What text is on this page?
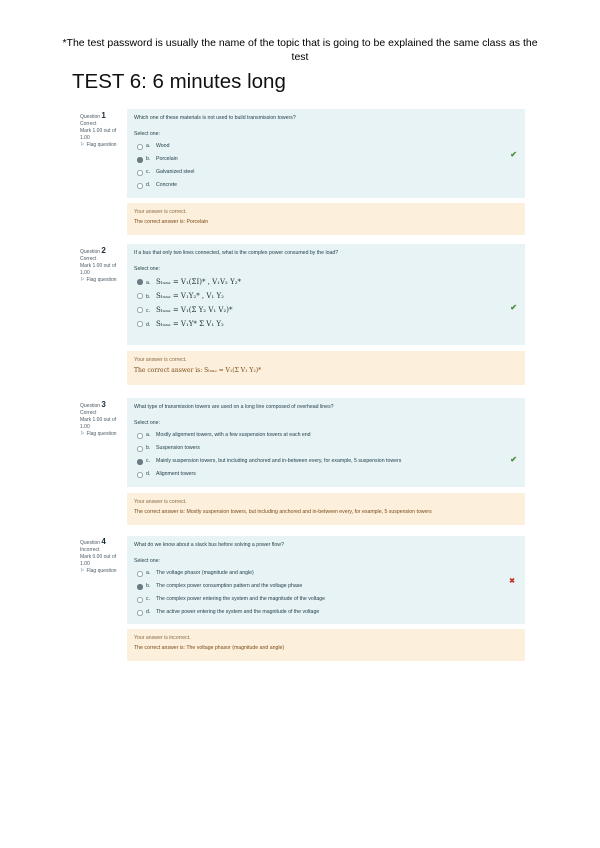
*The test password is usually the name of the topic that is going to be explained the same class as the
test
TEST 6: 6 minutes long
Question 1
Correct
Mark 1.00 out of 1.00
⚐ Flag question
Which one of these materials is not used to build transmission towers?
Select one:
a. Wood
b. Porcelain
c. Galvanized steel
d. Concrete
✔
Your answer is correct.
The correct answer is: Porcelain
Question 2
Correct
Mark 1.00 out of 1.00
⚐ Flag question
If a bus that only two lines connected, what is the complex power consumed by the load?
Select one:
a. Sₗₒₐₔ = V₁(ΣI)* , V₁V₂ Y₂*
b. Sₗₒₐₔ = V₁Y₂* , V₁ Y₂
c. Sₗₒₐₔ = V₁(Σ Y₂ V₁ V₂)*
d. Sₗₒₐₔ = V₁Y* Σ V₁ Y₂
✔
Your answer is correct.
The correct answer is: Sₗₒₐₔ = V₁(Σ V₁ Y₂)*
Question 3
Correct
Mark 1.00 out of 1.00
⚐ Flag question
What type of transmission towers are used on a long line composed of overhead lines?
Select one:
a. Mostly alignment towers, with a few suspension towers at each end
b. Suspension towers
c. Mainly suspension towers, but including anchored and in-between every, for example, 5 suspension towers
d. Alignment towers
✔
Your answer is correct.
The correct answer is: Mostly suspension towers, but including anchored and in-between every, for example, 5 suspension towers
Question 4
Incorrect
Mark 0.00 out of 1.00
⚐ Flag question
What do we know about a slack bus before solving a power flow?
Select one:
a. The voltage phasor (magnitude and angle)
b. The complex power consumption pattern and the voltage phase
c. The complex power entering the system and the magnitude of the voltage
d. The active power entering the system and the magnitude of the voltage
✖
Your answer is incorrect.
The correct answer is: The voltage phasor (magnitude and angle)
